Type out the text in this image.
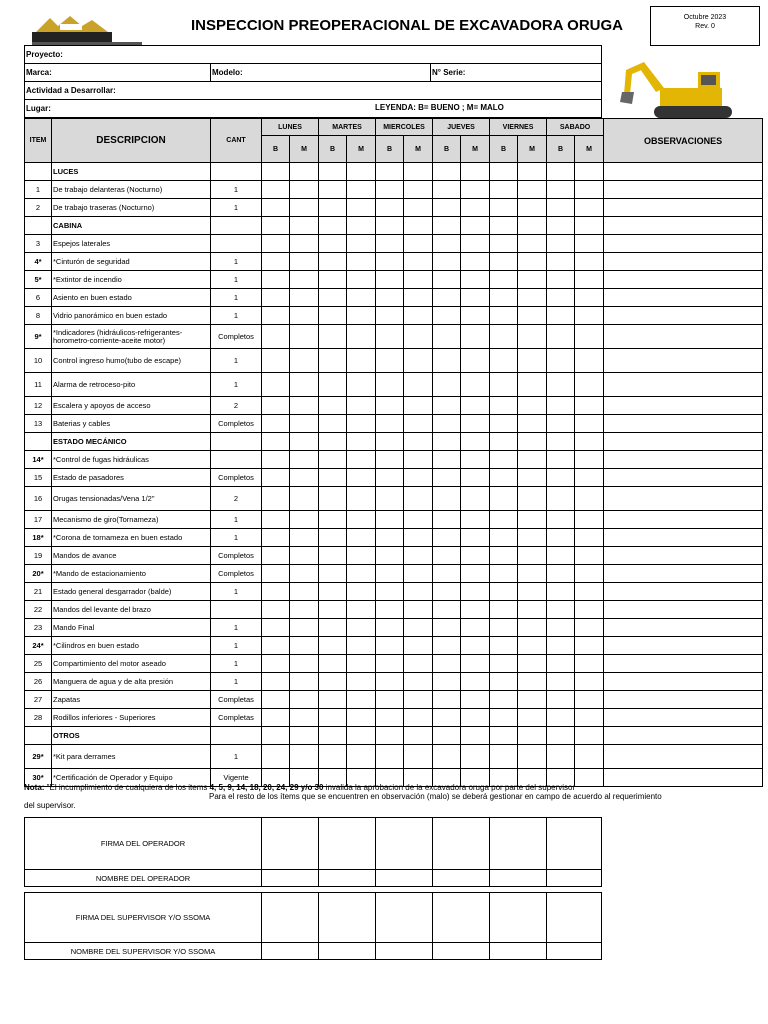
INSPECCION PREOPERACIONAL DE EXCAVADORA ORUGA	Octubre 2023
Rev. 0
Proyecto:
Marca:	Modelo:	N° Serie:
Actividad a Desarrollar:
Lugar:	LEYENDA: B= BUENO ; M= MALO
ITEM	DESCRIPCION	CANT	LUNES		MARTES		MIERCOLES		JUEVES		VIERNES		SABADO		OBSERVACIONES
			B	M	B	M	B	M	B	M	B	M	B	M	
	LUCES														
1	De trabajo delanteras (Nocturno)	1													
2	De trabajo traseras (Nocturno)	1													
	CABINA														
3	Espejos laterales														
4*	*Cinturón de seguridad	1													
5*	*Extintor de incendio	1													
6	Asiento en buen estado	1													
8	Vidrio panorámico en buen estado	1													
9*	*Indicadores (hidráulicos-refrigerantes-horometro-corriente-aceite motor)	Completos													
10	Control ingreso humo(tubo de escape)	1													
11	Alarma de retroceso-pito	1													
12	Escalera y apoyos de acceso	2													
13	Baterias y cables	Completos													
	ESTADO MECÁNICO														
14*	*Control de fugas hidráulicas														
15	Estado de pasadores	Completos													
16	Orugas tensionadas/Vena 1/2"	2													
17	Mecanismo de giro(Tornameza)	1													
18*	*Corona de tornameza en buen estado	1													
19	Mandos de avance	Completos													
20*	*Mando de estacionamiento	Completos													
21	Estado general desgarrador (balde)	1													
22	Mandos del levante del brazo														
23	Mando Final	1													
24*	*Cilindros en buen estado	1													
25	Compartimiento del motor aseado	1													
26	Manguera de agua y de alta presión	1													
27	Zapatas	Completas													
28	Rodillos inferiores - Superiores	Completas													
	OTROS														
29*	*Kit para derrames	1													
30*	*Certificación de Operador y Equipo	Vigente													
Nota: "El incumplimiento de cualquiera de los items 4, 5, 9, 14, 18, 20, 24, 29 y/o 30 invalida la aprobacion de la excavadora oruga por parte del supervisor
Para el resto de los ítems que se encuentren en observación (malo) se deberá gestionar en campo de acuerdo al requerimiento
del supervisor.
FIRMA DEL OPERADOR						
NOMBRE DEL OPERADOR						
FIRMA DEL SUPERVISOR Y/O SSOMA						
NOMBRE DEL SUPERVISOR Y/O SSOMA						
